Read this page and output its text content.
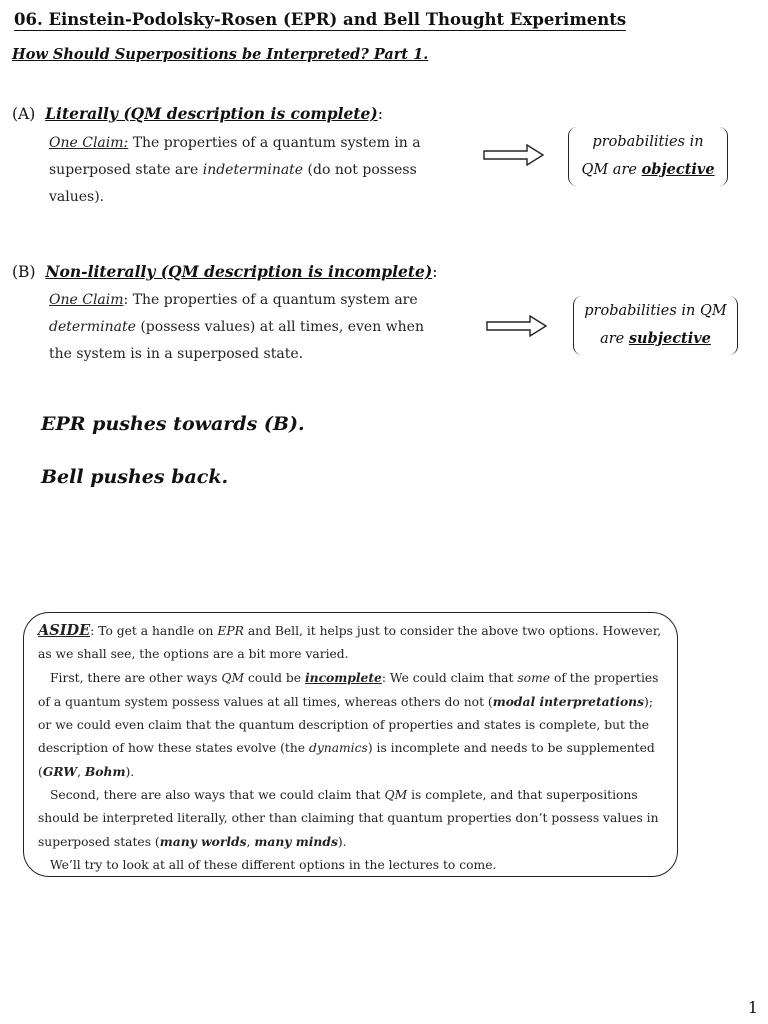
06. Einstein-Podolsky-Rosen (EPR) and Bell Thought Experiments
How Should Superpositions be Interpreted? Part 1.
(A) Literally (QM description is complete):
One Claim: The properties of a quantum system in a superposed state are indeterminate (do not possess values).
probabilities in
QM are objective
(B) Non-literally (QM description is incomplete):
One Claim: The properties of a quantum system are determinate (possess values) at all times, even when the system is in a superposed state.
probabilities in QM
are subjective
EPR pushes towards (B).
Bell pushes back.

ASIDE: To get a handle on EPR and Bell, it helps just to consider the above two options. However, as we shall see, the options are a bit more varied.

First, there are other ways QM could be incomplete: We could claim that some of the properties of a quantum system possess values at all times, whereas others do not (modal interpretations); or we could even claim that the quantum description of properties and states is complete, but the description of how these states evolve (the dynamics) is incomplete and needs to be supplemented (GRW, Bohm).

Second, there are also ways that we could claim that QM is complete, and that superpositions should be interpreted literally, other than claiming that quantum properties don’t possess values in superposed states (many worlds, many minds).

We’ll try to look at all of these different options in the lectures to come.

1
